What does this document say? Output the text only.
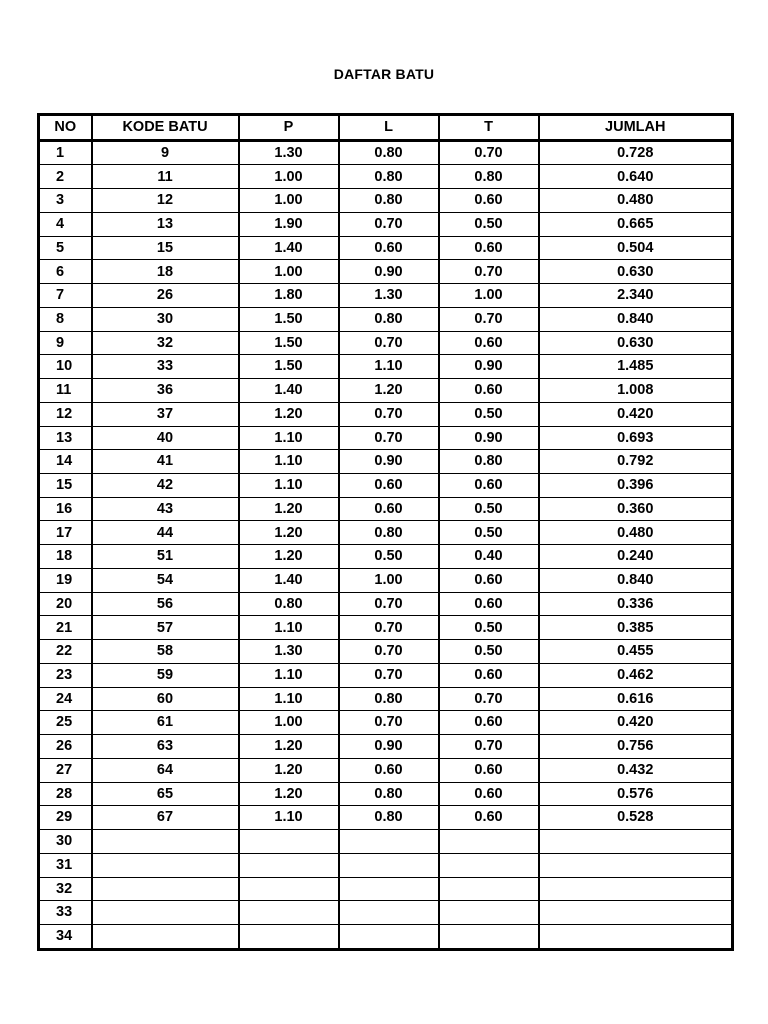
DAFTAR BATU
NO	KODE BATU	P	L	T	JUMLAH
1	9	1.30	0.80	0.70	0.728
2	11	1.00	0.80	0.80	0.640
3	12	1.00	0.80	0.60	0.480
4	13	1.90	0.70	0.50	0.665
5	15	1.40	0.60	0.60	0.504
6	18	1.00	0.90	0.70	0.630
7	26	1.80	1.30	1.00	2.340
8	30	1.50	0.80	0.70	0.840
9	32	1.50	0.70	0.60	0.630
10	33	1.50	1.10	0.90	1.485
11	36	1.40	1.20	0.60	1.008
12	37	1.20	0.70	0.50	0.420
13	40	1.10	0.70	0.90	0.693
14	41	1.10	0.90	0.80	0.792
15	42	1.10	0.60	0.60	0.396
16	43	1.20	0.60	0.50	0.360
17	44	1.20	0.80	0.50	0.480
18	51	1.20	0.50	0.40	0.240
19	54	1.40	1.00	0.60	0.840
20	56	0.80	0.70	0.60	0.336
21	57	1.10	0.70	0.50	0.385
22	58	1.30	0.70	0.50	0.455
23	59	1.10	0.70	0.60	0.462
24	60	1.10	0.80	0.70	0.616
25	61	1.00	0.70	0.60	0.420
26	63	1.20	0.90	0.70	0.756
27	64	1.20	0.60	0.60	0.432
28	65	1.20	0.80	0.60	0.576
29	67	1.10	0.80	0.60	0.528
30					
31					
32					
33					
34					
